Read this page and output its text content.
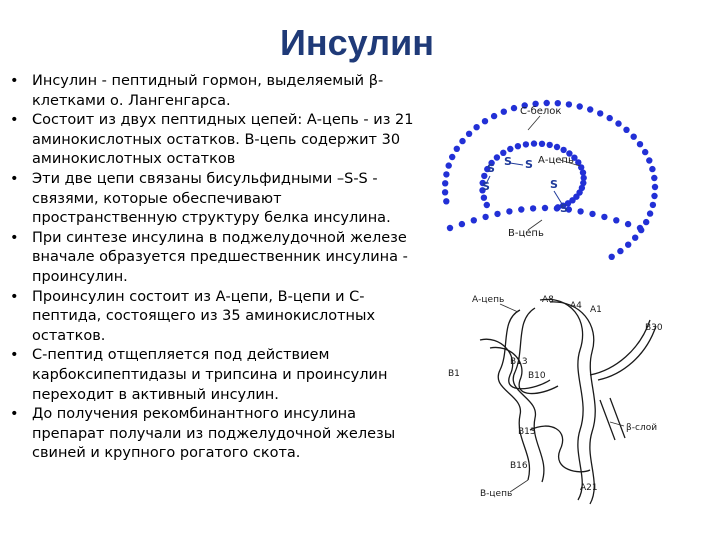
Инсулин
• Инсулин - пептидный гормон, выделяемый β-клетками о. Лангенгарса.
• Состоит из двух пептидных цепей: А-цепь - из 21 аминокислотных остатков. В-цепь содержит 30 аминокислотных остатков
• Эти две цепи связаны бисульфидными –S-S - связями, которые обеспечивают пространственную структуру белка инсулина.
• При синтезе инсулина в поджелудочной железе вначале образуется предшественник инсулина - проинсулин.
• Проинсулин состоит из А-цепи, В-цепи и С-пептида, состоящего из 35 аминокислотных остатков.
• С-пептид отщепляется под действием карбоксипептидазы и трипсина и проинсулин переходит в активный инсулин.
• До получения рекомбинантного инсулина препарат получали из поджелудочной железы свиней и крупного рогатого скота.
С-белок
А-цепь
В-цепь
S S
S
S	S
S
А-цепь
В-цепь
β-слой
A8
A4 A1
B30
B13
B10
B1
B13
B16
A21
